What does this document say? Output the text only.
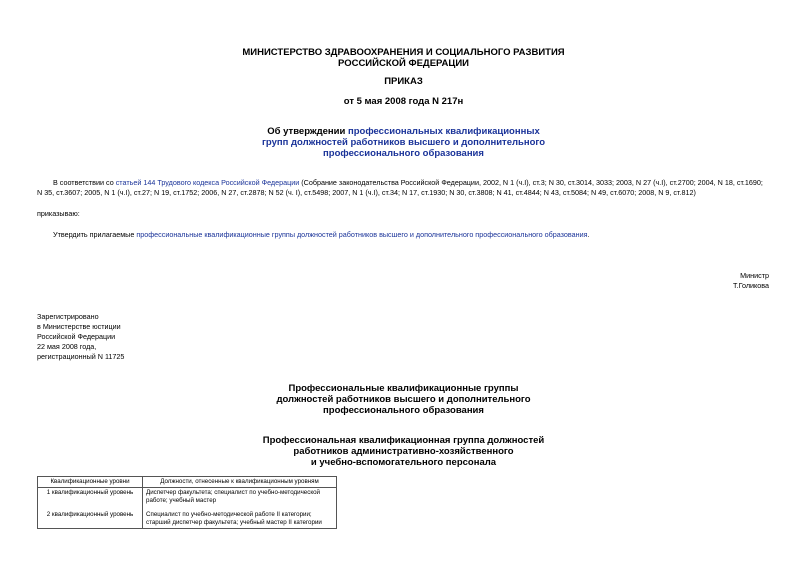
МИНИСТЕРСТВО ЗДРАВООХРАНЕНИЯ И СОЦИАЛЬНОГО РАЗВИТИЯ
РОССИЙСКОЙ ФЕДЕРАЦИИ
ПРИКАЗ
от 5 мая 2008 года N 217н
Об утверждении профессиональных квалификационных
групп должностей работников высшего и дополнительного
профессионального образования
В соответствии со статьей 144 Трудового кодекса Российской Федерации (Собрание законодательства Российской Федерации, 2002, N 1 (ч.I), ст.3; N 30, ст.3014, 3033; 2003, N 27 (ч.I), ст.2700; 2004, N 18, ст.1690;
N 35, ст.3607; 2005, N 1 (ч.I), ст.27; N 19, ст.1752; 2006, N 27, ст.2878; N 52 (ч. I), ст.5498; 2007, N 1 (ч.I), ст.34; N 17, ст.1930; N 30, ст.3808; N 41, ст.4844; N 43, ст.5084; N 49, ст.6070; 2008, N 9, ст.812)
приказываю:
Утвердить прилагаемые профессиональные квалификационные группы должностей работников высшего и дополнительного профессионального образования.
Министр
Т.Голикова
Зарегистрировано
в Министерстве юстиции
Российской Федерации
22 мая 2008 года,
регистрационный N 11725
Профессиональные квалификационные группы
должностей работников высшего и дополнительного
профессионального образования
Профессиональная квалификационная группа должностей
работников административно-хозяйственного
и учебно-вспомогательного персонала
Квалификационные уровни	Должности, отнесенные к квалификационным уровням
1 квалификационный уровень	Диспетчер факультета; специалист по учебно-методической
работе; учебный мастер

2 квалификационный уровень	Специалист по учебно-методической работе II категории;
старший диспетчер факультета; учебный мастер II категории
